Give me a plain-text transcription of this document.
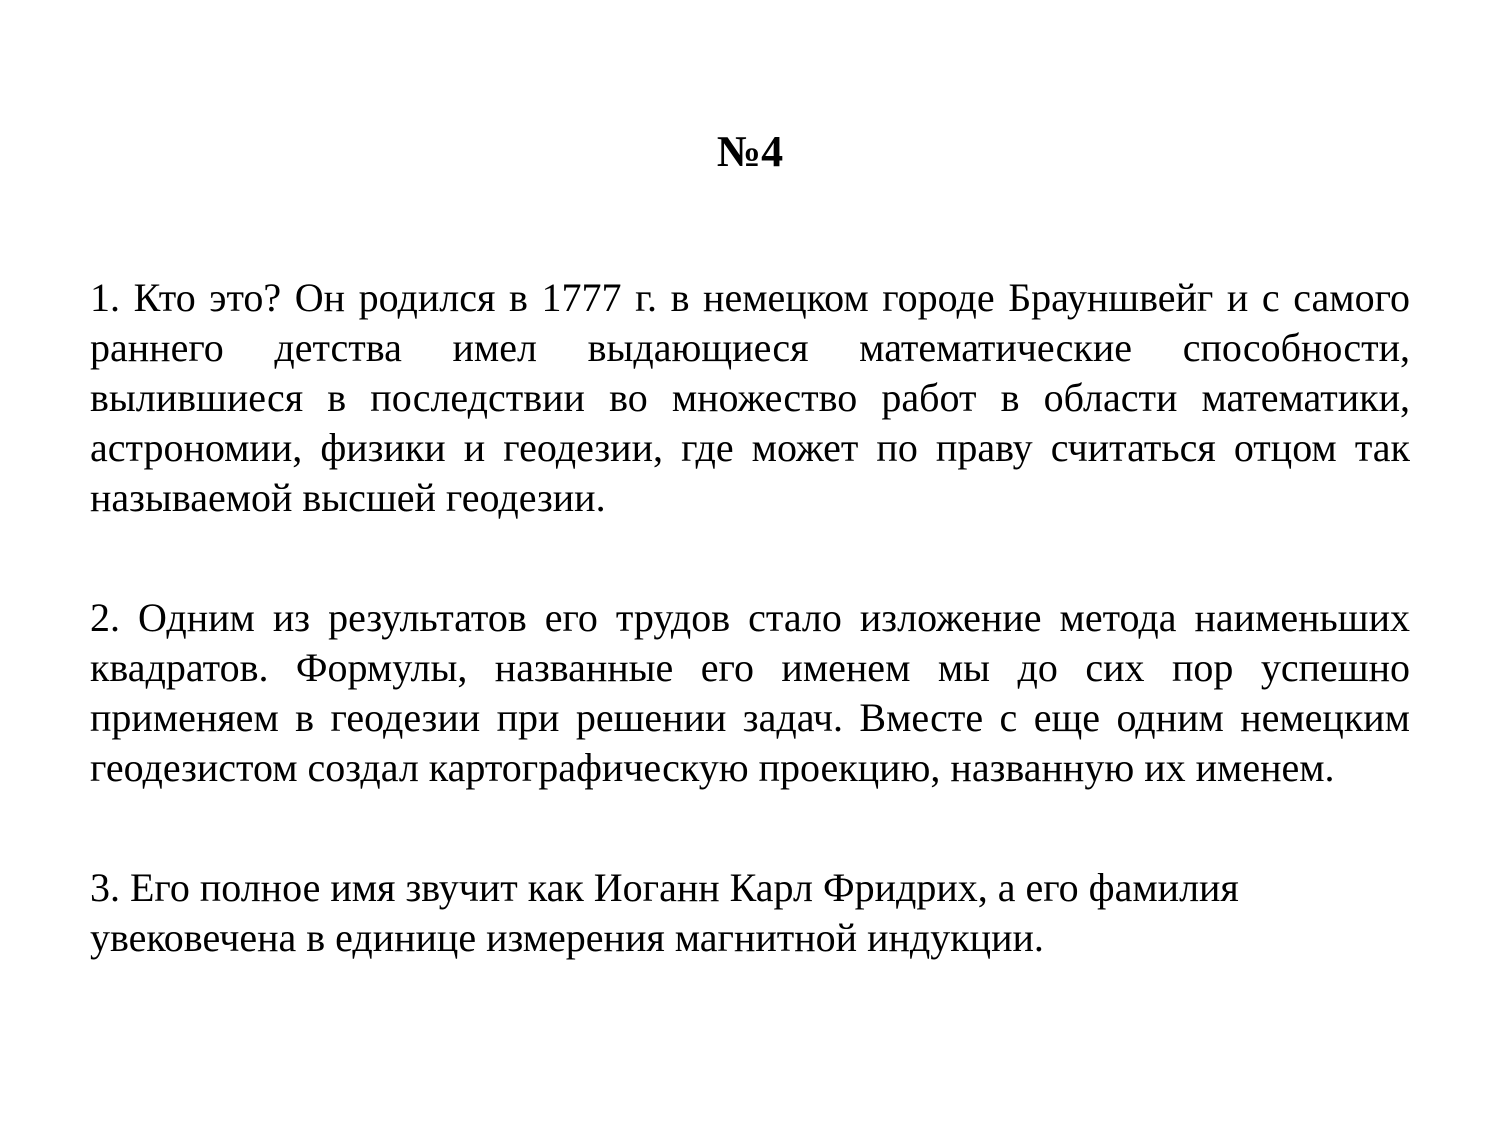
№4

1. Кто это? Он родился в 1777 г. в немецком городе Брауншвейг и с самого раннего детства имел выдающиеся математические способности, вылившиеся в последствии во множество работ в области математики, астрономии, физики и геодезии, где может по праву считаться отцом так называемой высшей геодезии.

2. Одним из результатов его трудов стало изложение метода наименьших квадратов. Формулы, названные его именем мы до сих пор успешно применяем в геодезии при решении задач. Вместе с еще одним немецким геодезистом создал картографическую проекцию, названную их именем.

3. Его полное имя звучит как Иоганн Карл Фридрих, а его фамилия увековечена в единице измерения магнитной индукции.
